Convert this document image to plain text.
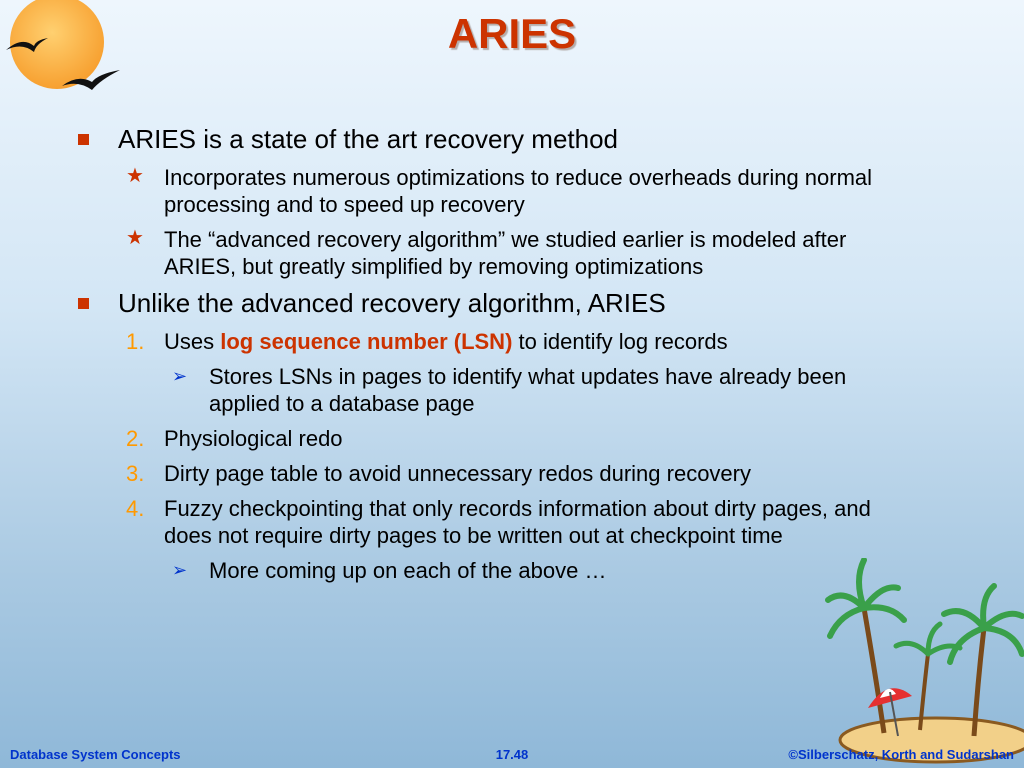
ARIES
ARIES is a state of the art recovery method
★ Incorporates numerous optimizations to reduce overheads during normal processing and to speed up recovery
★ The “advanced recovery algorithm” we studied earlier is modeled after ARIES, but greatly simplified by removing optimizations
Unlike the advanced recovery algorithm, ARIES
1. Uses log sequence number (LSN) to identify log records
➢ Stores LSNs in pages to identify what updates have already been applied to a database page
2. Physiological redo
3. Dirty page table to avoid unnecessary redos during recovery
4. Fuzzy checkpointing that only records information about dirty pages, and does not require dirty pages to be written out at checkpoint time
➢ More coming up on each of the above …
Database System Concepts	17.48	©Silberschatz, Korth and Sudarshan
